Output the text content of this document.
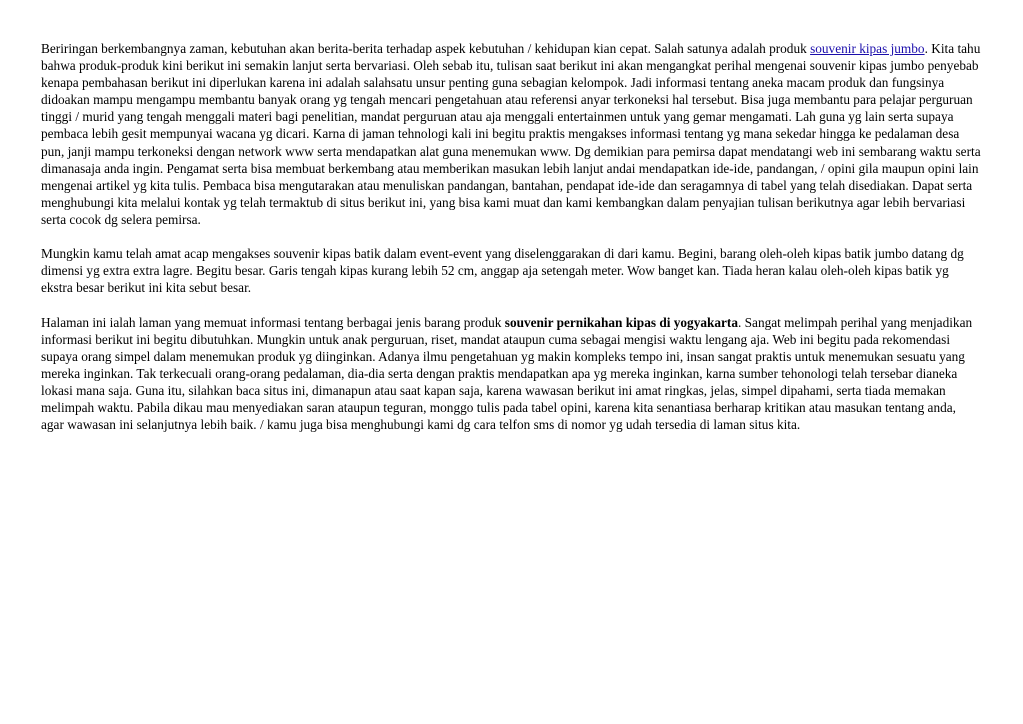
Beriringan berkembangnya zaman, kebutuhan akan berita-berita terhadap aspek kebutuhan / kehidupan kian cepat. Salah satunya adalah produk souvenir kipas jumbo. Kita tahu bahwa produk-produk kini berikut ini semakin lanjut serta bervariasi. Oleh sebab itu, tulisan saat berikut ini akan mengangkat perihal mengenai souvenir kipas jumbo penyebab kenapa pembahasan berikut ini diperlukan karena ini adalah salahsatu unsur penting guna sebagian kelompok. Jadi informasi tentang aneka macam produk dan fungsinya didoakan mampu mengampu membantu banyak orang yg tengah mencari pengetahuan atau referensi anyar terkoneksi hal tersebut. Bisa juga membantu para pelajar perguruan tinggi / murid yang tengah menggali materi bagi penelitian, mandat perguruan atau aja menggali entertainmen untuk yang gemar mengamati. Lah guna yg lain serta supaya pembaca lebih gesit mempunyai wacana yg dicari. Karna di jaman tehnologi kali ini begitu praktis mengakses informasi tentang yg mana sekedar hingga ke pedalaman desa pun, janji mampu terkoneksi dengan network www serta mendapatkan alat guna menemukan www. Dg demikian para pemirsa dapat mendatangi web ini sembarang waktu serta dimanasaja anda ingin. Pengamat serta bisa membuat berkembang atau memberikan masukan lebih lanjut andai mendapatkan ide-ide, pandangan, / opini gila maupun opini lain mengenai artikel yg kita tulis. Pembaca bisa mengutarakan atau menuliskan pandangan, bantahan, pendapat ide-ide dan seragamnya di tabel yang telah disediakan. Dapat serta menghubungi kita melalui kontak yg telah termaktub di situs berikut ini, yang bisa kami muat dan kami kembangkan dalam penyajian tulisan berikutnya agar lebih bervariasi serta cocok dg selera pemirsa.

Mungkin kamu telah amat acap mengakses souvenir kipas batik dalam event-event yang diselenggarakan di dari kamu. Begini, barang oleh-oleh kipas batik jumbo datang dg dimensi yg extra extra lagre. Begitu besar. Garis tengah kipas kurang lebih 52 cm, anggap aja setengah meter. Wow banget kan. Tiada heran kalau oleh-oleh kipas batik yg ekstra besar berikut ini kita sebut besar.

Halaman ini ialah laman yang memuat informasi tentang berbagai jenis barang produk souvenir pernikahan kipas di yogyakarta. Sangat melimpah perihal yang menjadikan informasi berikut ini begitu dibutuhkan. Mungkin untuk anak perguruan, riset, mandat ataupun cuma sebagai mengisi waktu lengang aja. Web ini begitu pada rekomendasi supaya orang simpel dalam menemukan produk yg diinginkan. Adanya ilmu pengetahuan yg makin kompleks tempo ini, insan sangat praktis untuk menemukan sesuatu yang mereka inginkan. Tak terkecuali orang-orang pedalaman, dia-dia serta dengan praktis mendapatkan apa yg mereka inginkan, karna sumber tehonologi telah tersebar dianeka lokasi mana saja. Guna itu, silahkan baca situs ini, dimanapun atau saat kapan saja, karena wawasan berikut ini amat ringkas, jelas, simpel dipahami, serta tiada memakan melimpah waktu. Pabila dikau mau menyediakan saran ataupun teguran, monggo tulis pada tabel opini, karena kita senantiasa berharap kritikan atau masukan tentang anda, agar wawasan ini selanjutnya lebih baik. / kamu juga bisa menghubungi kami dg cara telfon sms di nomor yg udah tersedia di laman situs kita.
